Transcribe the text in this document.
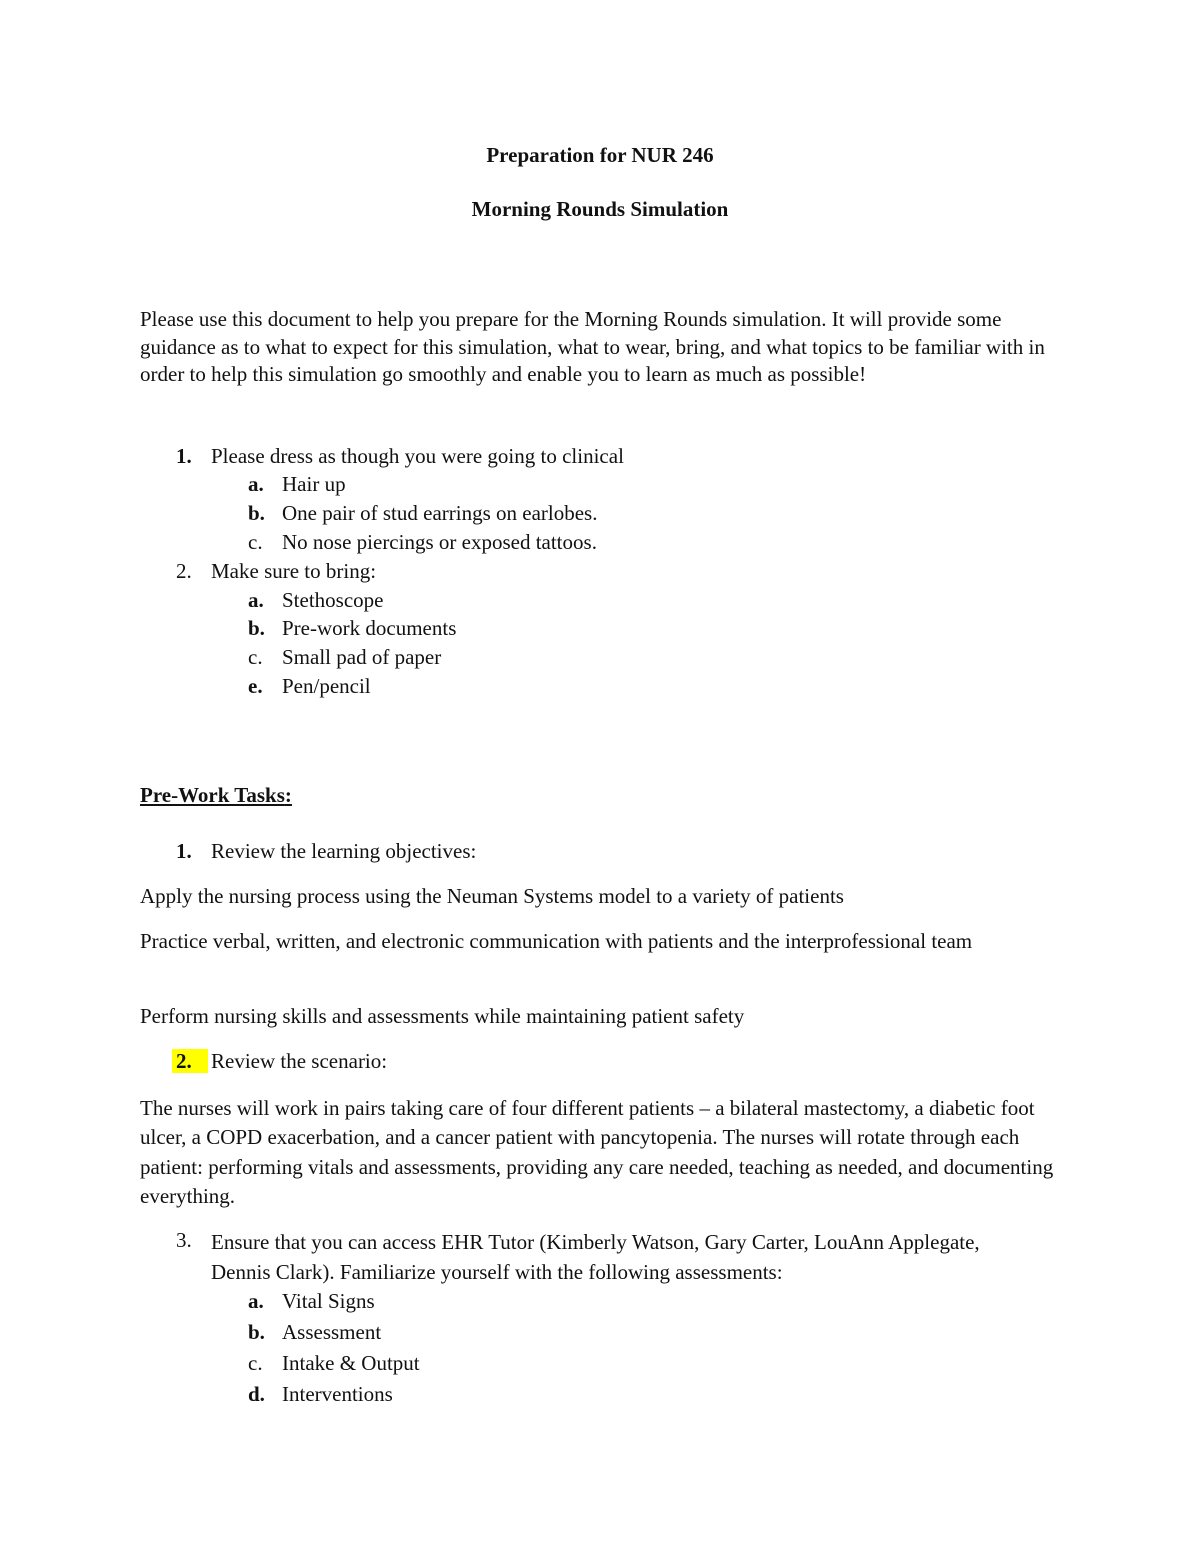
Preparation for NUR 246
Morning Rounds Simulation
Please use this document to help you prepare for the Morning Rounds simulation. It will provide some guidance as to what to expect for this simulation, what to wear, bring, and what topics to be familiar with in order to help this simulation go smoothly and enable you to learn as much as possible!
1. Please dress as though you were going to clinical
a. Hair up
b. One pair of stud earrings on earlobes.
c. No nose piercings or exposed tattoos.
2. Make sure to bring:
a. Stethoscope
b. Pre-work documents
c. Small pad of paper
e. Pen/pencil
Pre-Work Tasks:
1. Review the learning objectives:
Apply the nursing process using the Neuman Systems model to a variety of patients
Practice verbal, written, and electronic communication with patients and the interprofessional team
Perform nursing skills and assessments while maintaining patient safety
2. Review the scenario:
The nurses will work in pairs taking care of four different patients – a bilateral mastectomy, a diabetic foot ulcer, a COPD exacerbation, and a cancer patient with pancytopenia. The nurses will rotate through each patient: performing vitals and assessments, providing any care needed, teaching as needed, and documenting everything.
3. Ensure that you can access EHR Tutor (Kimberly Watson, Gary Carter, LouAnn Applegate, Dennis Clark). Familiarize yourself with the following assessments:
a. Vital Signs
b. Assessment
c. Intake & Output
d. Interventions
